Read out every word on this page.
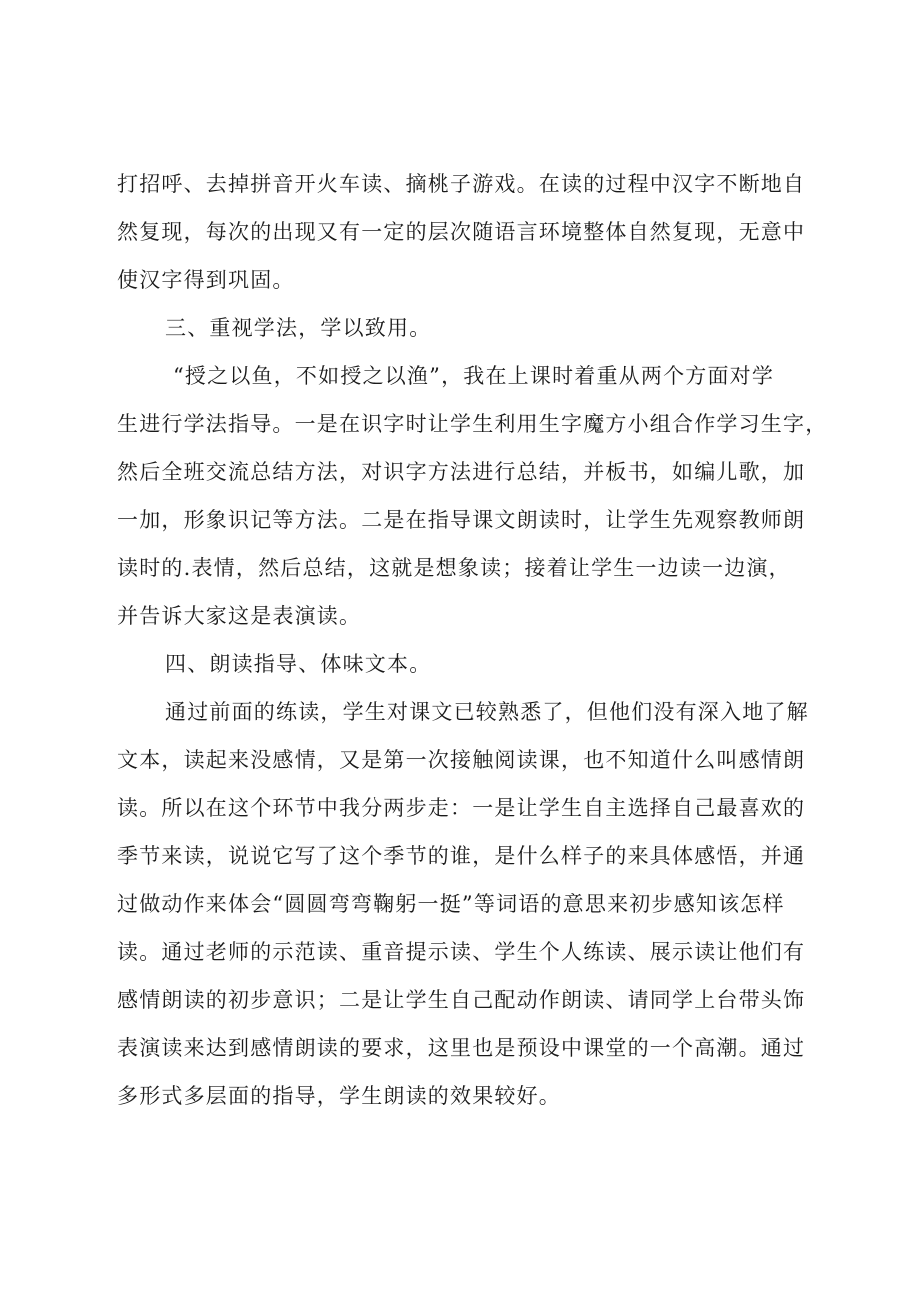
打招呼、去掉拼音开火车读、摘桃子游戏。在读的过程中汉字不断地自
然复现，每次的出现又有一定的层次随语言环境整体自然复现，无意中
使汉字得到巩固。
三、重视学法，学以致用。
“授之以鱼，不如授之以渔”，我在上课时着重从两个方面对学
生进行学法指导。一是在识字时让学生利用生字魔方小组合作学习生字，
然后全班交流总结方法，对识字方法进行总结，并板书，如编儿歌，加
一加，形象识记等方法。二是在指导课文朗读时，让学生先观察教师朗
读时的.表情，然后总结，这就是想象读；接着让学生一边读一边演，
并告诉大家这是表演读。
四、朗读指导、体味文本。
通过前面的练读，学生对课文已较熟悉了，但他们没有深入地了解
文本，读起来没感情，又是第一次接触阅读课，也不知道什么叫感情朗
读。所以在这个环节中我分两步走：一是让学生自主选择自己最喜欢的
季节来读，说说它写了这个季节的谁，是什么样子的来具体感悟，并通
过做动作来体会“圆圆弯弯鞠躬一挺”等词语的意思来初步感知该怎样
读。通过老师的示范读、重音提示读、学生个人练读、展示读让他们有
感情朗读的初步意识；二是让学生自己配动作朗读、请同学上台带头饰
表演读来达到感情朗读的要求，这里也是预设中课堂的一个高潮。通过
多形式多层面的指导，学生朗读的效果较好。
